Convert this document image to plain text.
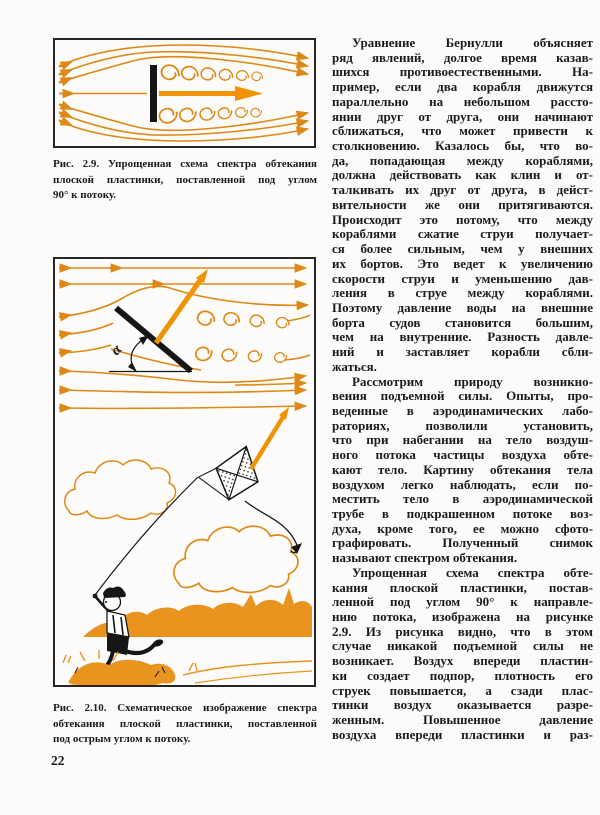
Рис. 2.9. Упрощенная схема спектра обтекания
плоской пластинки, поставленной под углом
90° к потоку.
α
Рис. 2.10. Схематическое изображение спектра
обтекания плоской пластинки, поставленной
под острым углом к потоку.
Уравнение Бернулли объясняет
ряд явлений, долгое время казав-
шихся противоестественными. На-
пример, если два корабля движутся
параллельно на небольшом рассто-
янии друг от друга, они начинают
сближаться, что может привести к
столкновению. Казалось бы, что во-
да, попадающая между кораблями,
должна действовать как клин и от-
талкивать их друг от друга, в дейст-
вительности же они притягиваются.
Происходит это потому, что между
кораблями сжатие струи получает-
ся более сильным, чем у внешних
их бортов. Это ведет к увеличению
скорости струи и уменьшению дав-
ления в струе между кораблями.
Поэтому давление воды на внешние
борта судов становится большим,
чем на внутренние. Разность давле-
ний и заставляет корабли сбли-
жаться.
Рассмотрим природу возникно-
вения подъемной силы. Опыты, про-
веденные в аэродинамических лабо-
раториях, позволили установить,
что при набегании на тело воздуш-
ного потока частицы воздуха обте-
кают тело. Картину обтекания тела
воздухом легко наблюдать, если по-
местить тело в аэродинамической
трубе в подкрашенном потоке воз-
духа, кроме того, ее можно сфото-
графировать. Полученный снимок
называют спектром обтекания.
Упрощенная схема спектра обте-
кания плоской пластинки, постав-
ленной под углом 90° к направле-
нию потока, изображена на рисунке
2.9. Из рисунка видно, что в этом
случае никакой подъемной силы не
возникает. Воздух впереди пластин-
ки создает подпор, плотность его
струек повышается, а сзади плас-
тинки воздух оказывается разре-
женным. Повышенное давление
воздуха впереди пластинки и раз-
22
